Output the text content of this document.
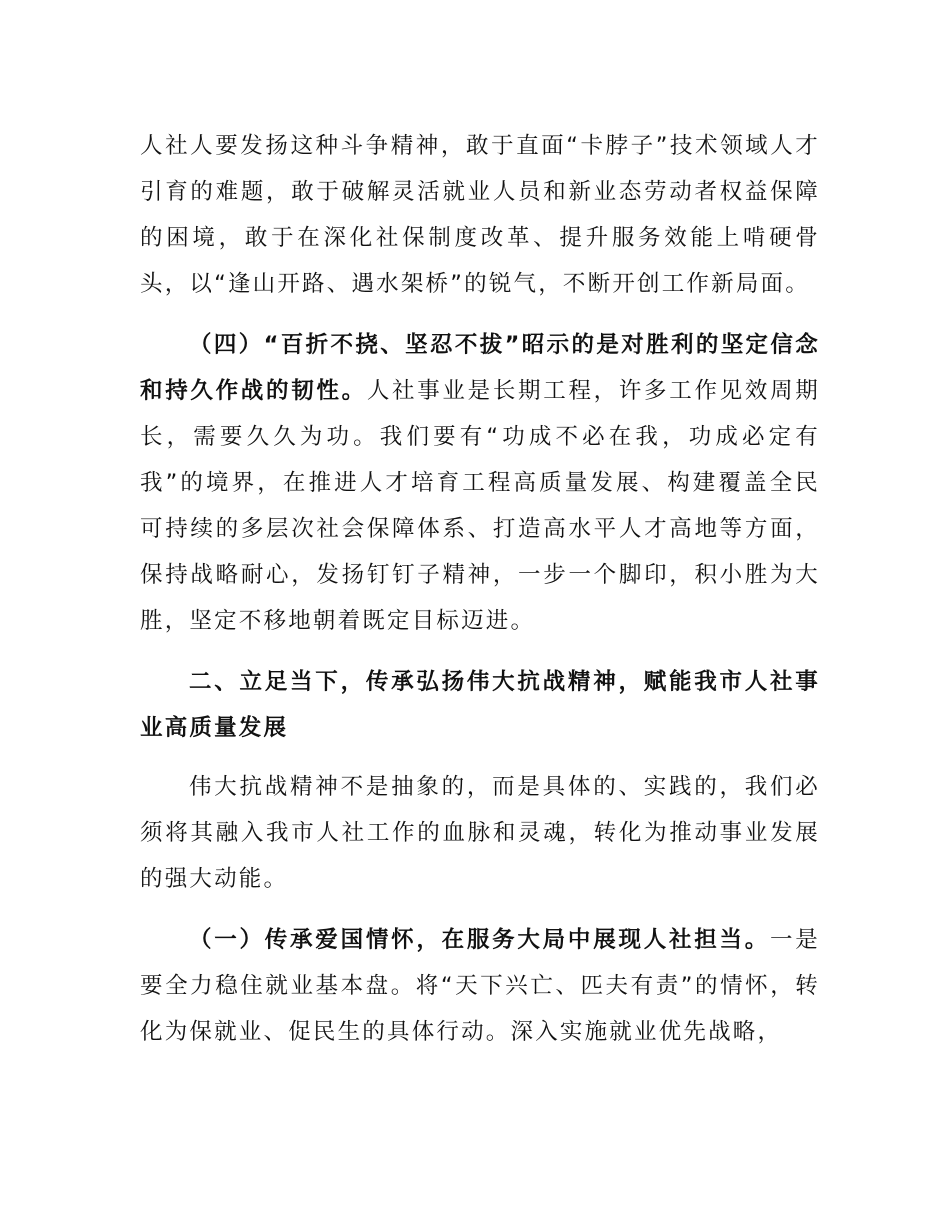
人社人要发扬这种斗争精神，敢于直面“卡脖子”技术领域人才引育的难题，敢于破解灵活就业人员和新业态劳动者权益保障的困境，敢于在深化社保制度改革、提升服务效能上啃硬骨头，以“逢山开路、遇水架桥”的锐气，不断开创工作新局面。

（四）“百折不挠、坚忍不拔”昭示的是对胜利的坚定信念和持久作战的韧性。人社事业是长期工程，许多工作见效周期长，需要久久为功。我们要有“功成不必在我，功成必定有我”的境界，在推进人才培育工程高质量发展、构建覆盖全民可持续的多层次社会保障体系、打造高水平人才高地等方面，保持战略耐心，发扬钉钉子精神，一步一个脚印，积小胜为大胜，坚定不移地朝着既定目标迈进。

二、立足当下，传承弘扬伟大抗战精神，赋能我市人社事业高质量发展

伟大抗战精神不是抽象的，而是具体的、实践的，我们必须将其融入我市人社工作的血脉和灵魂，转化为推动事业发展的强大动能。

（一）传承爱国情怀，在服务大局中展现人社担当。一是要全力稳住就业基本盘。将“天下兴亡、匹夫有责”的情怀，转化为保就业、促民生的具体行动。深入实施就业优先战略，
